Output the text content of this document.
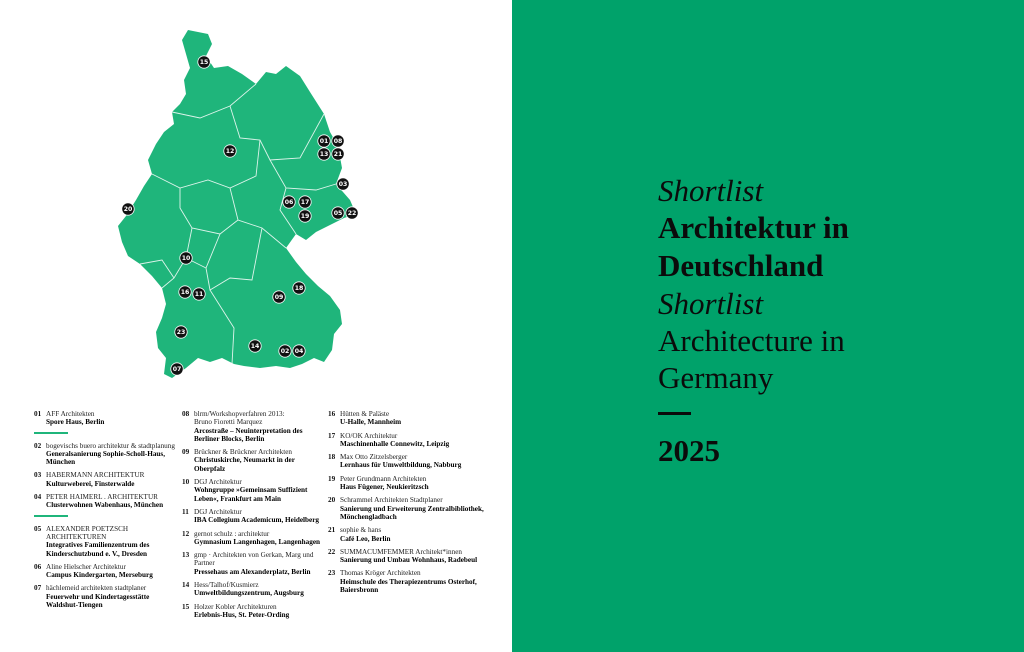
15
01 08
12	13 21
03
20
06 17
19	05 22
10
18
16 11	09
23
14
02 04
07
01 AFF Architekten
Spore Haus, Berlin
02 bogevischs buero architektur & stadtplanung
Generalsanierung Sophie-Scholl-Haus, München
03 HABERMANN ARCHITEKTUR
Kulturweberei, Finsterwalde
04 PETER HAIMERL . ARCHITEKTUR
Clusterwohnen Wabenhaus, München
05 ALEXANDER POETZSCH ARCHITEKTUREN
Integratives Familienzentrum des Kinderschutzbund e. V., Dresden
06 Aline Hielscher Architektur
Campus Kindergarten, Merseburg
07 hächlemeid architekten stadtplaner
Feuerwehr und Kindertagesstätte Waldshut-Tiengen
08 blrm/Workshopverfahren 2013:
Bruno Fioretti Marquez
Arcostraße – Neuinterpretation des Berliner Blocks, Berlin
09 Brückner & Brückner Architekten
Christuskirche, Neumarkt in der Oberpfalz
10 DGJ Architektur
Wohngruppe »Gemeinsam Suffizient Leben«, Frankfurt am Main
11 DGJ Architektur
IBA Collegium Academicum, Heidelberg
12 gernot schulz : architektur
Gymnasium Langenhagen, Langenhagen
13 gmp · Architekten von Gerkan, Marg und Partner
Pressehaus am Alexanderplatz, Berlin
14 Hess/Talhof/Kusmierz
Umweltbildungszentrum, Augsburg
15 Holzer Kobler Architekturen
Erlebnis-Hus, St. Peter-Ording
16 Hütten & Paläste
U-Halle, Mannheim
17 KO/OK Architektur
Maschinenhalle Connewitz, Leipzig
18 Max Otto Zitzelsberger
Lernhaus für Umweltbildung, Nabburg
19 Peter Grundmann Architekten
Haus Fügener, Neukieritzsch
20 Schrammel Architekten Stadtplaner
Sanierung und Erweiterung Zentralbibliothek, Mönchengladbach
21 sophie & hans
Café Leo, Berlin
22 SUMMACUMFEMMER Architekt*innen
Sanierung und Umbau Wohnhaus, Radebeul
23 Thomas Kröger Architekten
Heimschule des Therapiezentrums Osterhof, Baiersbronn
Shortlist
Architektur in
Deutschland
Shortlist
Architecture in
Germany
2025
